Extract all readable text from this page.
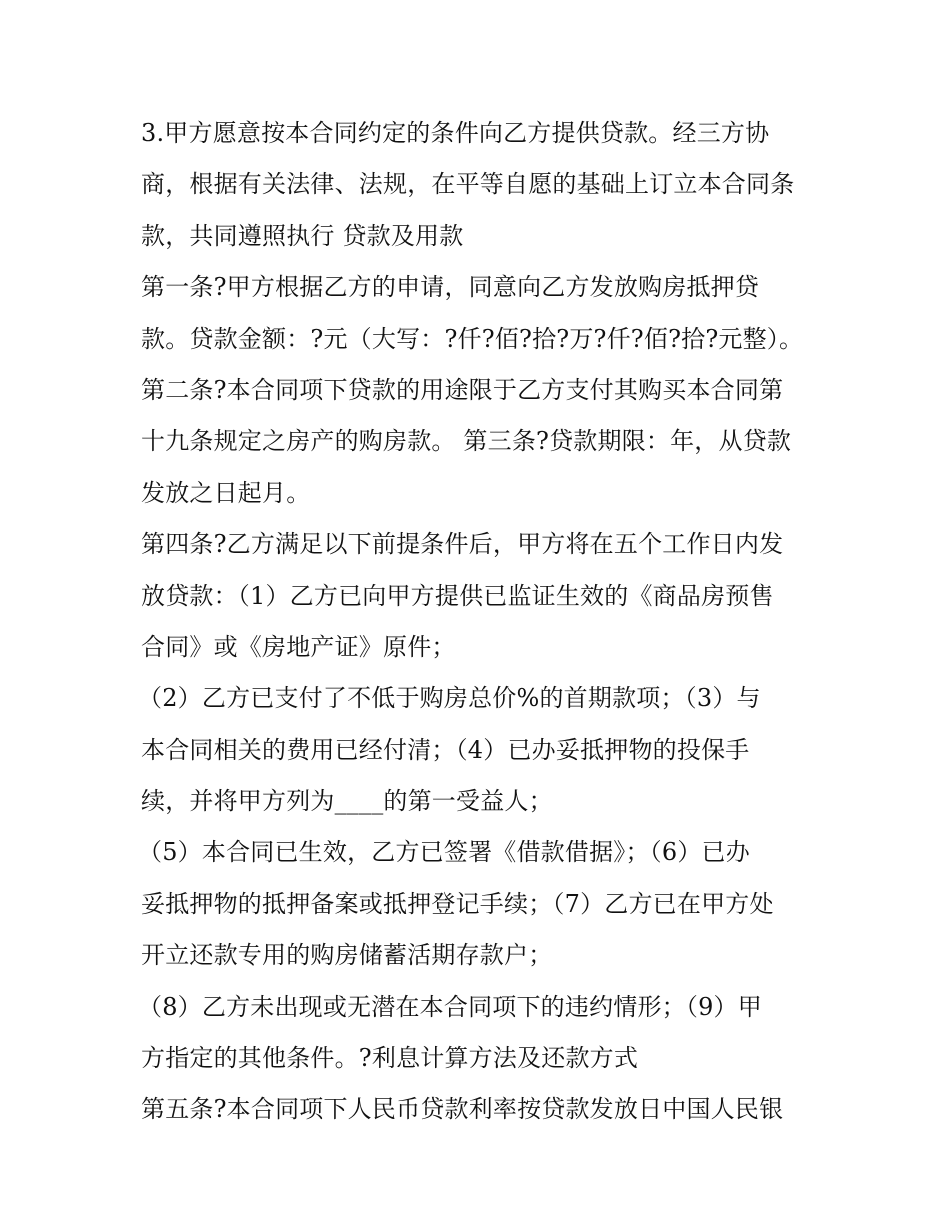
3.甲方愿意按本合同约定的条件向乙方提供贷款。经三方协
商，根据有关法律、法规，在平等自愿的基础上订立本合同条
款，共同遵照执行 贷款及用款
第一条?甲方根据乙方的申请，同意向乙方发放购房抵押贷
款。贷款金额：?元（大写：?仟?佰?拾?万?仟?佰?拾?元整）。
第二条?本合同项下贷款的用途限于乙方支付其购买本合同第
十九条规定之房产的购房款。 第三条?贷款期限：年，从贷款
发放之日起月。
第四条?乙方满足以下前提条件后，甲方将在五个工作日内发
放贷款：（1）乙方已向甲方提供已监证生效的《商品房预售
合同》或《房地产证》原件；
（2）乙方已支付了不低于购房总价%的首期款项；（3）与
本合同相关的费用已经付清；（4）已办妥抵押物的投保手
续，并将甲方列为____的第一受益人；
（5）本合同已生效，乙方已签署《借款借据》；（6）已办
妥抵押物的抵押备案或抵押登记手续；（7）乙方已在甲方处
开立还款专用的购房储蓄活期存款户；
（8）乙方未出现或无潜在本合同项下的违约情形；（9）甲
方指定的其他条件。?利息计算方法及还款方式
第五条?本合同项下人民币贷款利率按贷款发放日中国人民银
